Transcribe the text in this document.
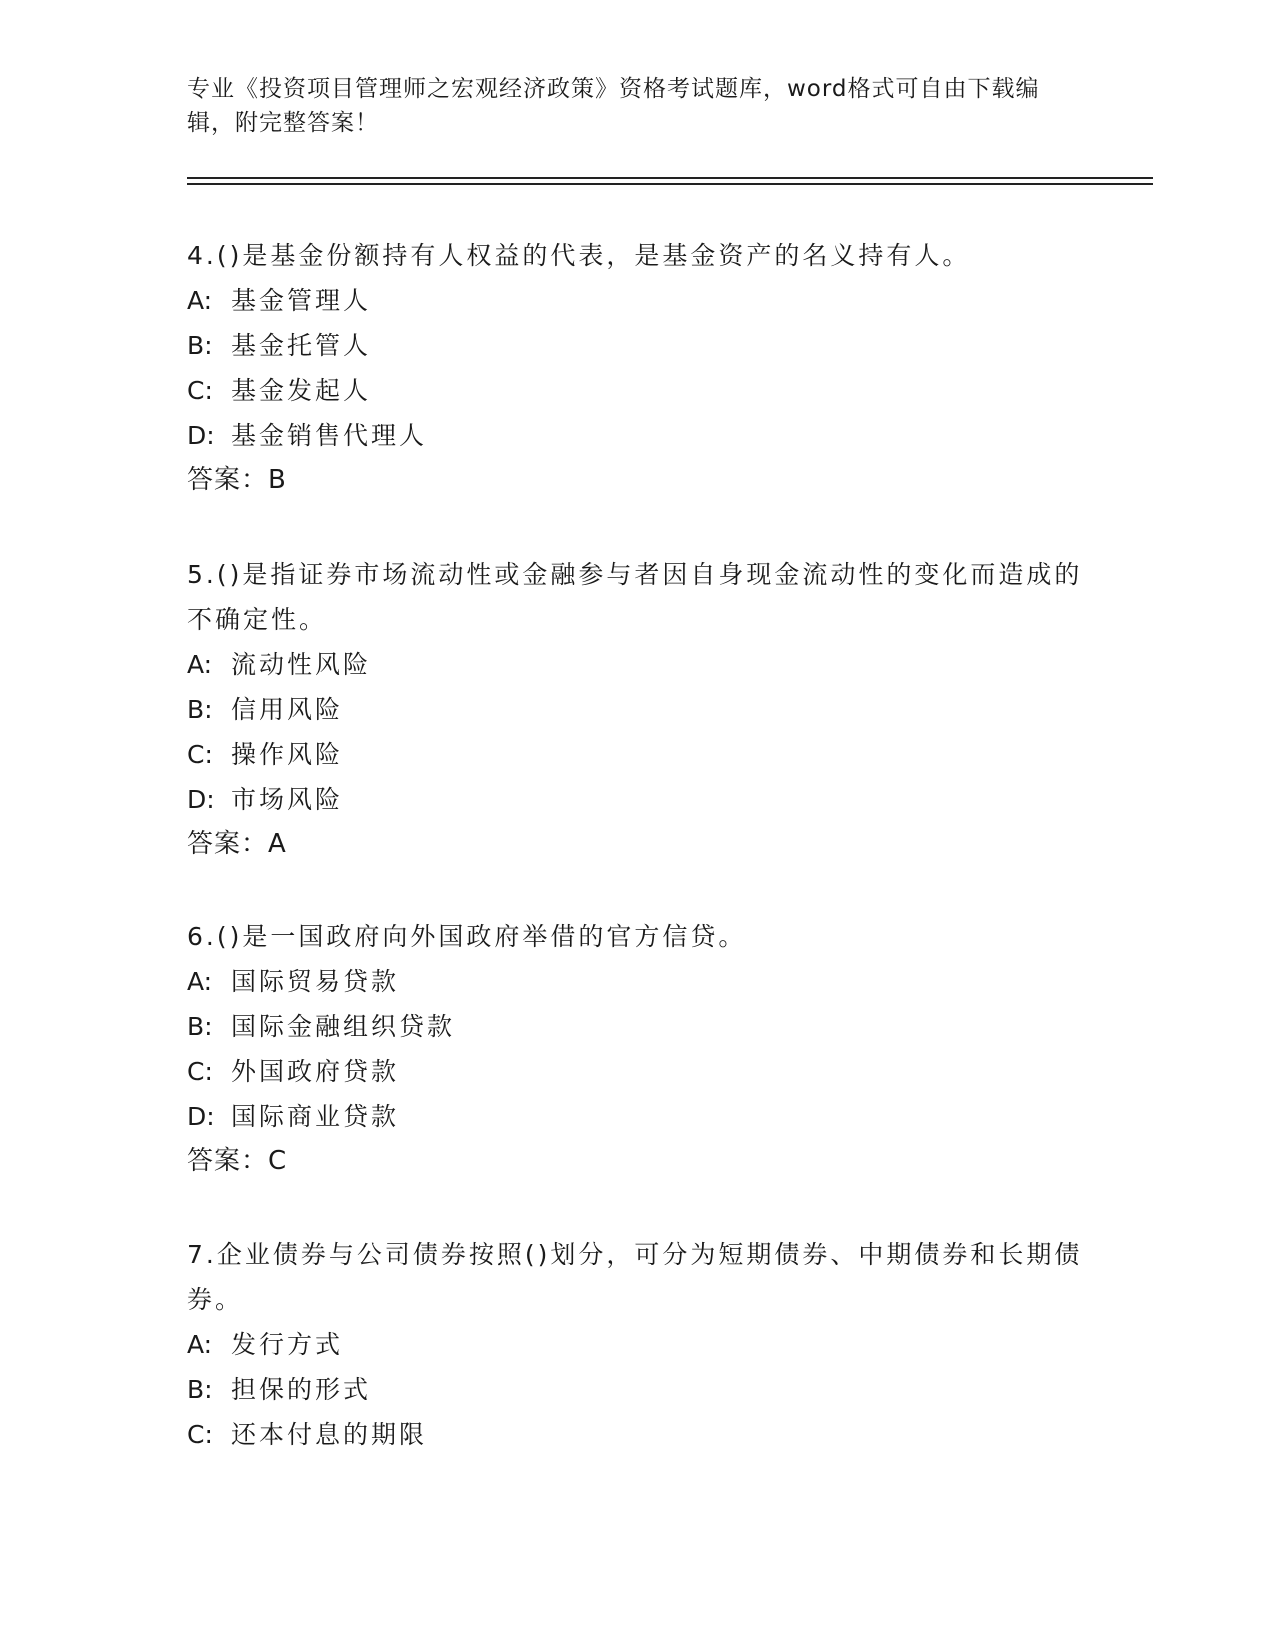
专业《投资项目管理师之宏观经济政策》资格考试题库，word格式可自由下载编辑，附完整答案！
4.()是基金份额持有人权益的代表，是基金资产的名义持有人。
A: 基金管理人
B: 基金托管人
C: 基金发起人
D: 基金销售代理人
答案：B
5.()是指证券市场流动性或金融参与者因自身现金流动性的变化而造成的不确定性。
A: 流动性风险
B: 信用风险
C: 操作风险
D: 市场风险
答案：A
6.()是一国政府向外国政府举借的官方信贷。
A: 国际贸易贷款
B: 国际金融组织贷款
C: 外国政府贷款
D: 国际商业贷款
答案：C
7.企业债券与公司债券按照()划分，可分为短期债券、中期债券和长期债券。
A: 发行方式
B: 担保的形式
C: 还本付息的期限
